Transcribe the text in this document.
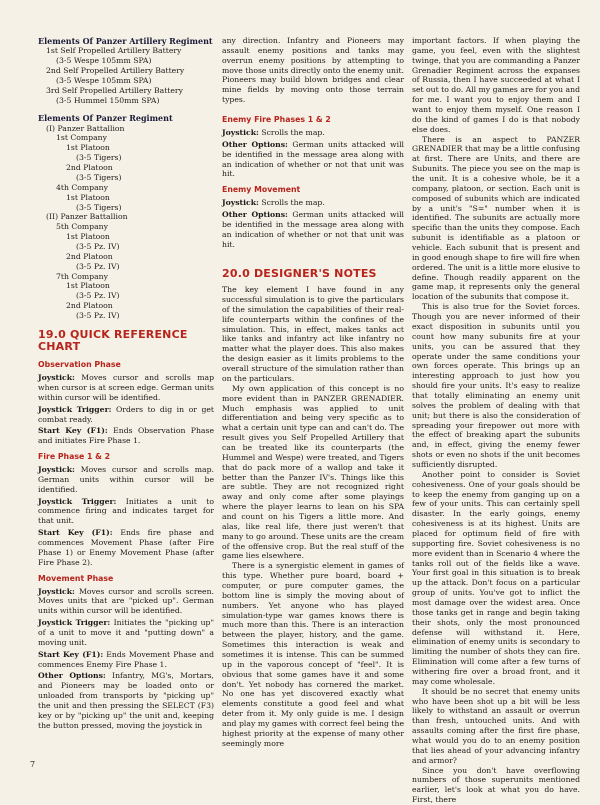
Elements Of Panzer Artillery Regiment
1st Self Propelled Artillery Battery
(3-5 Wespe 105mm SPA)
2nd Self Propelled Artillery Battery
(3-5 Wespe 105mm SPA)
3rd Self Propelled Artillery Battery
(3-5 Hummel 150mm SPA)
Elements Of Panzer Regiment
(I) Panzer Battallion
1st Company
1st Platoon
(3-5 Tigers)
2nd Platoon
(3-5 Tigers)
4th Company
1st Platoon
(3-5 Tigers)
(II) Panzer Battallion
5th Company
1st Platoon
(3-5 Pz. IV)
2nd Platoon
(3-5 Pz. IV)
7th Company
1st Platoon
(3-5 Pz. IV)
2nd Platoon
(3-5 Pz. IV)
19.0 QUICK REFERENCE CHART
Observation Phase
Joystick: Moves cursor and scrolls map when cursor is at screen edge. German units within cursor will be identified.
Joystick Trigger: Orders to dig in or get combat ready.
Start Key (F1): Ends Observation Phase and initiates Fire Phase 1.
Fire Phase 1 & 2
Joystick: Moves cursor and scrolls map. German units within cursor will be identified.
Joystick Trigger: Initiates a unit to commence firing and indicates target for that unit.
Start Key (F1): Ends fire phase and commences Movement Phase (after Fire Phase 1) or Enemy Movement Phase (after Fire Phase 2).
Movement Phase
Joystick: Moves cursor and scrolls screen. Moves units that are "picked up". German units within cursor will be identified.
Joystick Trigger: Initiates the "picking up" of a unit to move it and "putting down" a moving unit.
Start Key (F1): Ends Movement Phase and commences Enemy Fire Phase 1.
Other Options: Infantry, MG's, Mortars, and Pioneers may be loaded onto or unloaded from transports by "picking up" the unit and then pressing the SELECT (F3) key or by "picking up" the unit and, keeping the button pressed, moving the joystick in
any direction. Infantry and Pioneers may assault enemy positions and tanks may overrun enemy positions by attempting to move those units directly onto the enemy unit. Pioneers may build blown bridges and clear mine fields by moving onto those terrain types.
Enemy Fire Phases 1 & 2
Joystick: Scrolls the map.
Other Options: German units attacked will be identified in the message area along with an indication of whether or not that unit was hit.
Enemy Movement
Joystick: Scrolls the map.
Other Options: German units attacked will be identified in the message area along with an indication of whether or not that unit was hit.
20.0 DESIGNER'S NOTES
The key element I have found in any successful simulation is to give the particulars of the simulation the capabilities of their real-life counterparts within the confines of the simulation. This, in effect, makes tanks act like tanks and infantry act like infantry no matter what the player does. This also makes the design easier as it limits problems to the overall structure of the simulation rather than on the particulars.
My own application of this concept is no more evident than in PANZER GRENADIER. Much emphasis was applied to unit differentiation and being very specific as to what a certain unit type can and can't do. The result gives you Self Propelled Artillery that can be treated like its counterparts (the Hummel and Wespe) were treated, and Tigers that do pack more of a wallop and take it better than the Panzer IV's. Things like this are subtle. They are not recognized right away and only come after some playings where the player learns to lean on his SPA and count on his Tigers a little more. And alas, like real life, there just weren't that many to go around. These units are the cream of the offensive crop. But the real stuff of the game lies elsewhere.
There is a synergistic element in games of this type. Whether pure board, board + computer, or pure computer games, the bottom line is simply the moving about of numbers. Yet anyone who has played simulation-type war games knows there is much more than this. There is an interaction between the player, history, and the game. Sometimes this interaction is weak and sometimes it is intense. This can be summed up in the vaporous concept of "feel". It is obvious that some games have it and some don't. Yet nobody has cornered the market. No one has yet discovered exactly what elements constitute a good feel and what deter from it. My only guide is me. I design and play my games with correct feel being the highest priority at the expense of many other seemingly more
important factors. If when playing the game, you feel, even with the slightest twinge, that you are commanding a Panzer Grenadier Regiment across the expanses of Russia, then I have succeeded at what I set out to do. All my games are for you and for me. I want you to enjoy them and I want to enjoy them myself. One reason I do the kind of games I do is that nobody else does.
There is an aspect to PANZER GRENADIER that may be a little confusing at first. There are Units, and there are Subunits. The piece you see on the map is the unit. It is a cohesive whole, be it a company, platoon, or section. Each unit is composed of subunits which are indicated by a unit's "S=" number when it is identified. The subunits are actually more specific than the units they compose. Each subunit is identifiable as a platoon or vehicle. Each subunit that is present and in good enough shape to fire will fire when ordered. The unit is a little more elusive to define. Though readily apparent on the game map, it represents only the general location of the subunits that compose it.
This is also true for the Soviet forces. Though you are never informed of their exact disposition in subunits until you count how many subunits fire at your units, you can be assured that they operate under the same conditions your own forces operate. This brings up an interesting approach to just how you should fire your units. It's easy to realize that totally eliminating an enemy unit solves the problem of dealing with that unit; but there is also the consideration of spreading your firepower out more with the effect of breaking apart the subunits and, in effect, giving the enemy fewer shots or even no shots if the unit becomes sufficiently disrupted.
Another point to consider is Soviet cohesiveness. One of your goals should be to keep the enemy from ganging up on a few of your units. This can certainly spell disaster. In the early goings, enemy cohesiveness is at its highest. Units are placed for optimum field of fire with supporting fire. Soviet cohesiveness is no more evident than in Scenario 4 where the tanks roll out of the fields like a wave. Your first goal in this situation is to break up the attack. Don't focus on a particular group of units. You've got to inflict the most damage over the widest area. Once those tanks get in range and begin taking their shots, only the most pronounced defense will withstand it. Here, elimination of enemy units is secondary to limiting the number of shots they can fire. Elimination will come after a few turns of withering fire over a broad front, and it may come wholesale.
It should be no secret that enemy units who have been shot up a bit will be less likely to withstand an assault or overrun than fresh, untouched units. And with assaults coming after the first fire phase, what would you do to an enemy position that lies ahead of your advancing infantry and armor?
Since you don't have overflowing numbers of those superunits mentioned earlier, let's look at what you do have. First, there
7
